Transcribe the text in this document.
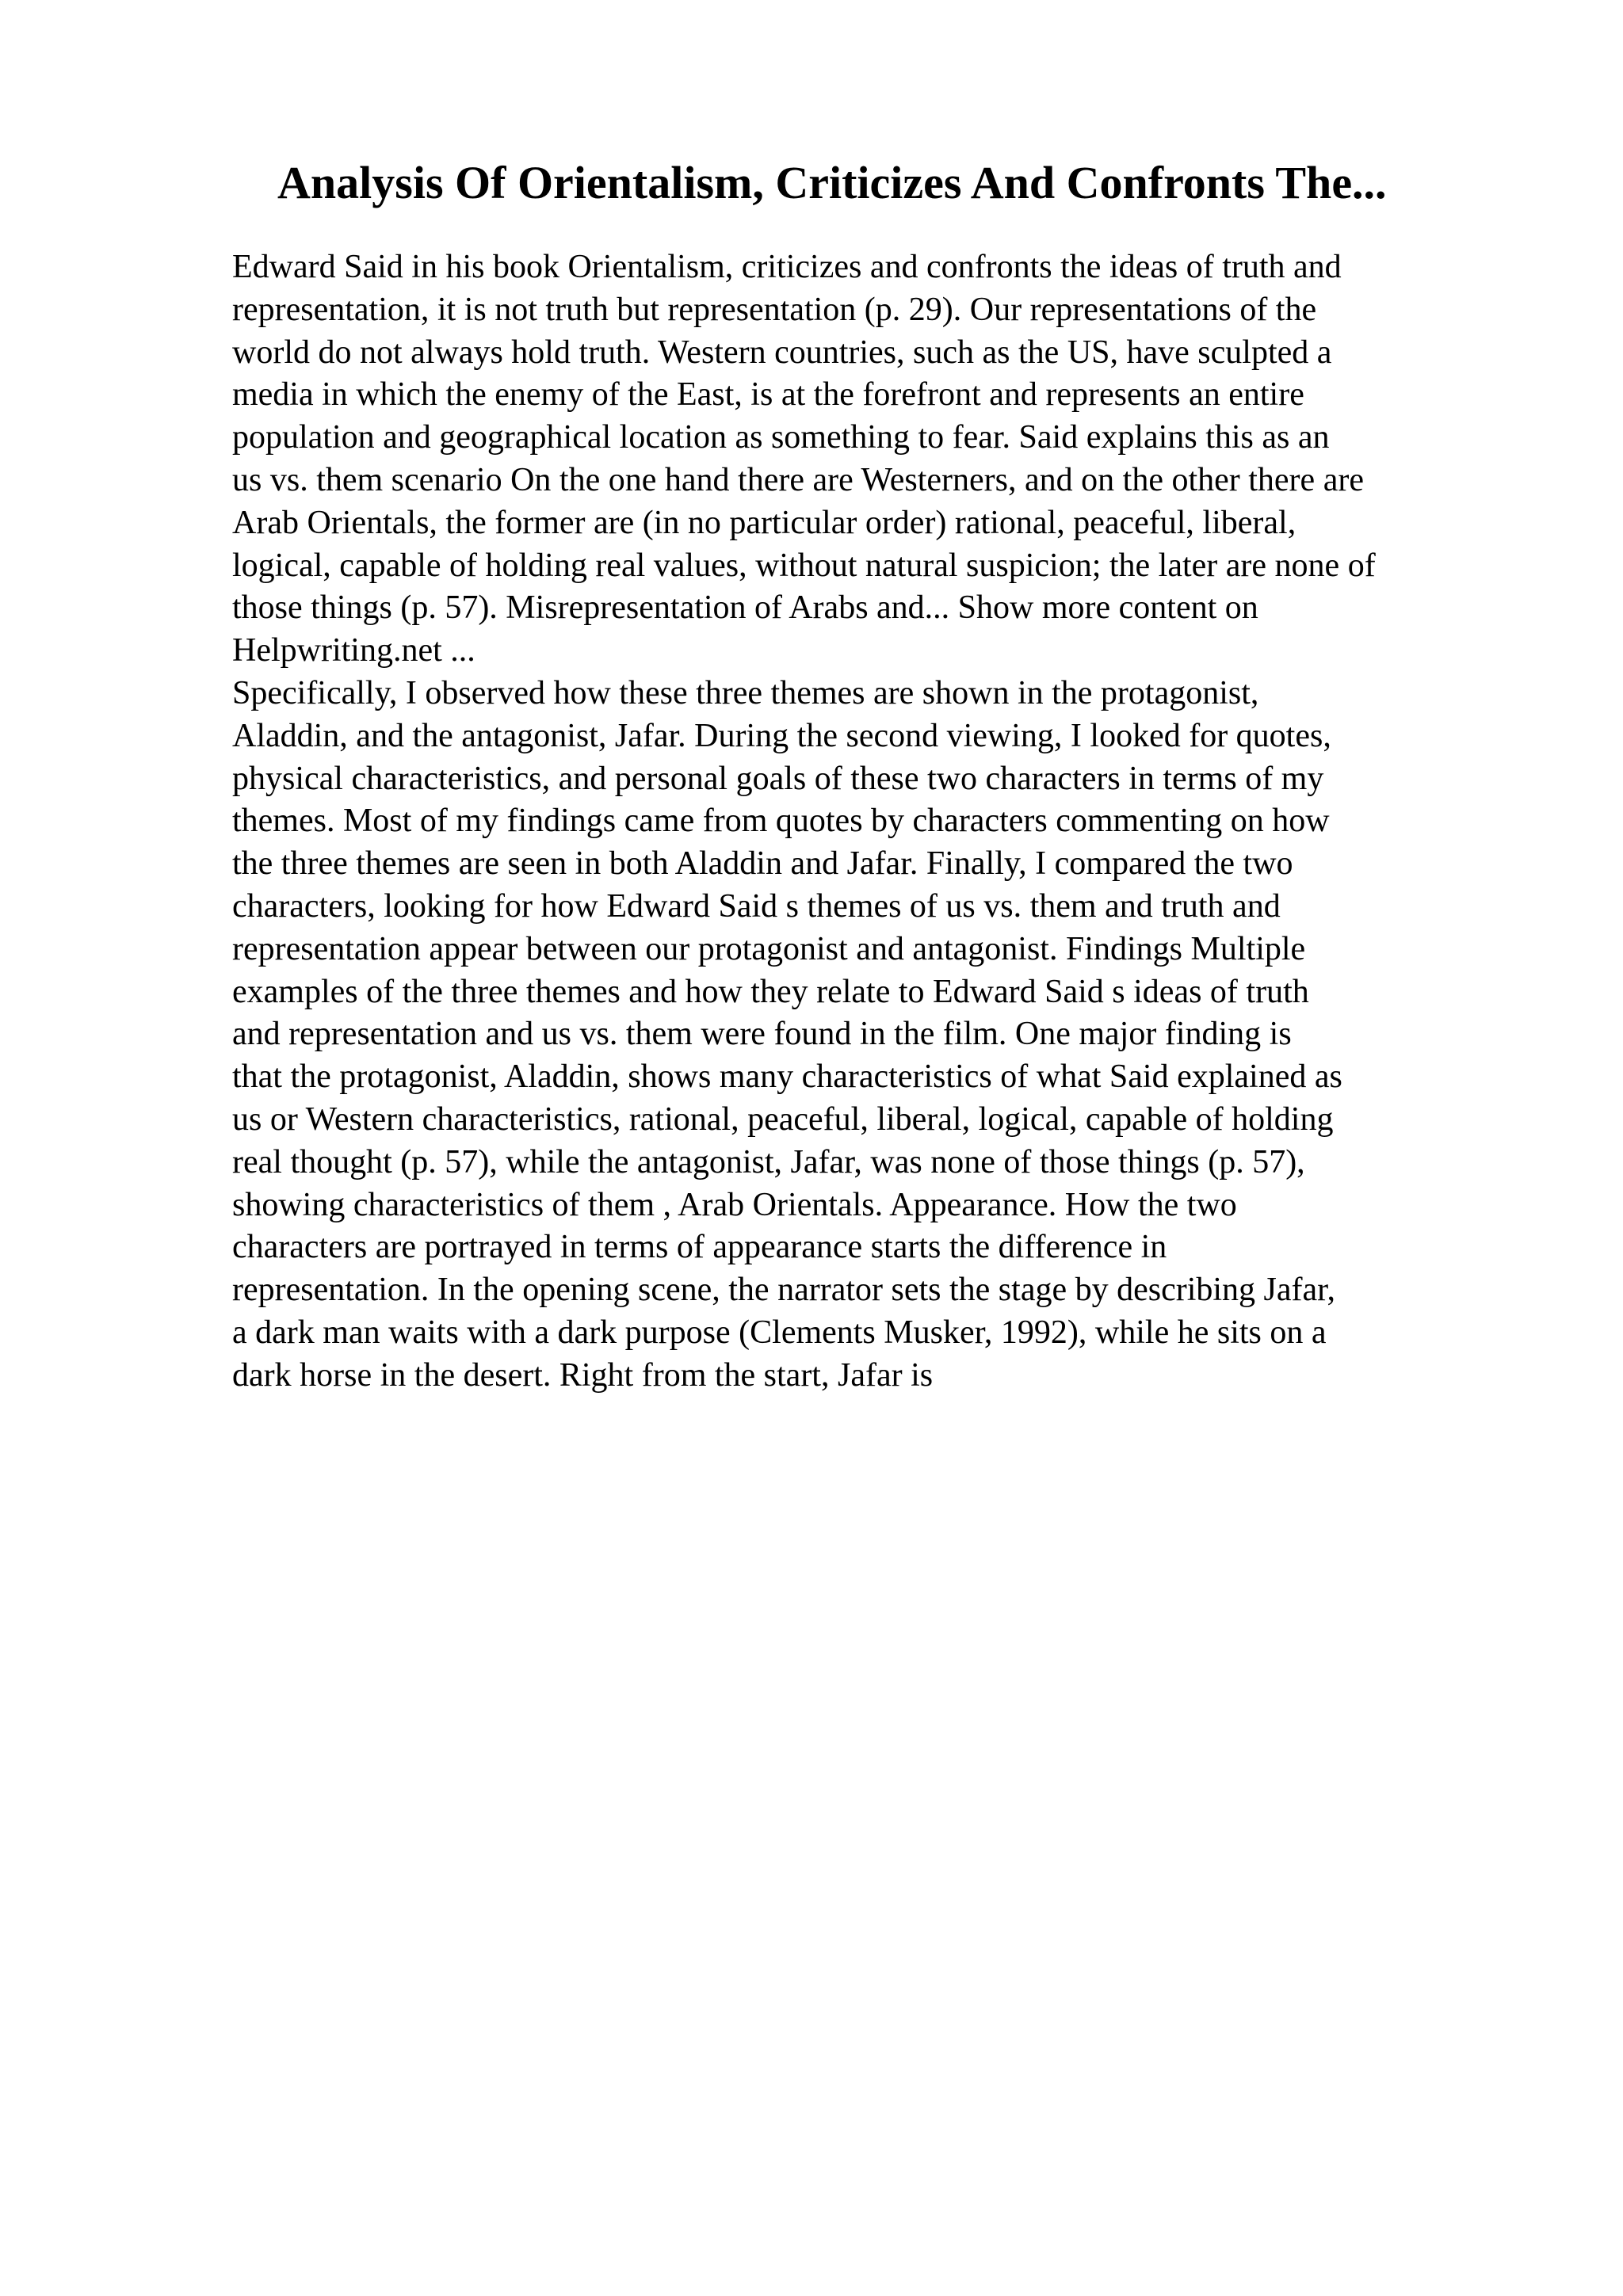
Analysis Of Orientalism, Criticizes And Confronts The...
Edward Said in his book Orientalism, criticizes and confronts the ideas of truth and
representation, it is not truth but representation (p. 29). Our representations of the
world do not always hold truth. Western countries, such as the US, have sculpted a
media in which the enemy of the East, is at the forefront and represents an entire
population and geographical location as something to fear. Said explains this as an
us vs. them scenario On the one hand there are Westerners, and on the other there are
Arab Orientals, the former are (in no particular order) rational, peaceful, liberal,
logical, capable of holding real values, without natural suspicion; the later are none of
those things (p. 57). Misrepresentation of Arabs and... Show more content on
Helpwriting.net ...
Specifically, I observed how these three themes are shown in the protagonist,
Aladdin, and the antagonist, Jafar. During the second viewing, I looked for quotes,
physical characteristics, and personal goals of these two characters in terms of my
themes. Most of my findings came from quotes by characters commenting on how
the three themes are seen in both Aladdin and Jafar. Finally, I compared the two
characters, looking for how Edward Said s themes of us vs. them and truth and
representation appear between our protagonist and antagonist. Findings Multiple
examples of the three themes and how they relate to Edward Said s ideas of truth
and representation and us vs. them were found in the film. One major finding is
that the protagonist, Aladdin, shows many characteristics of what Said explained as
us or Western characteristics, rational, peaceful, liberal, logical, capable of holding
real thought (p. 57), while the antagonist, Jafar, was none of those things (p. 57),
showing characteristics of them , Arab Orientals. Appearance. How the two
characters are portrayed in terms of appearance starts the difference in
representation. In the opening scene, the narrator sets the stage by describing Jafar,
a dark man waits with a dark purpose (Clements Musker, 1992), while he sits on a
dark horse in the desert. Right from the start, Jafar is
